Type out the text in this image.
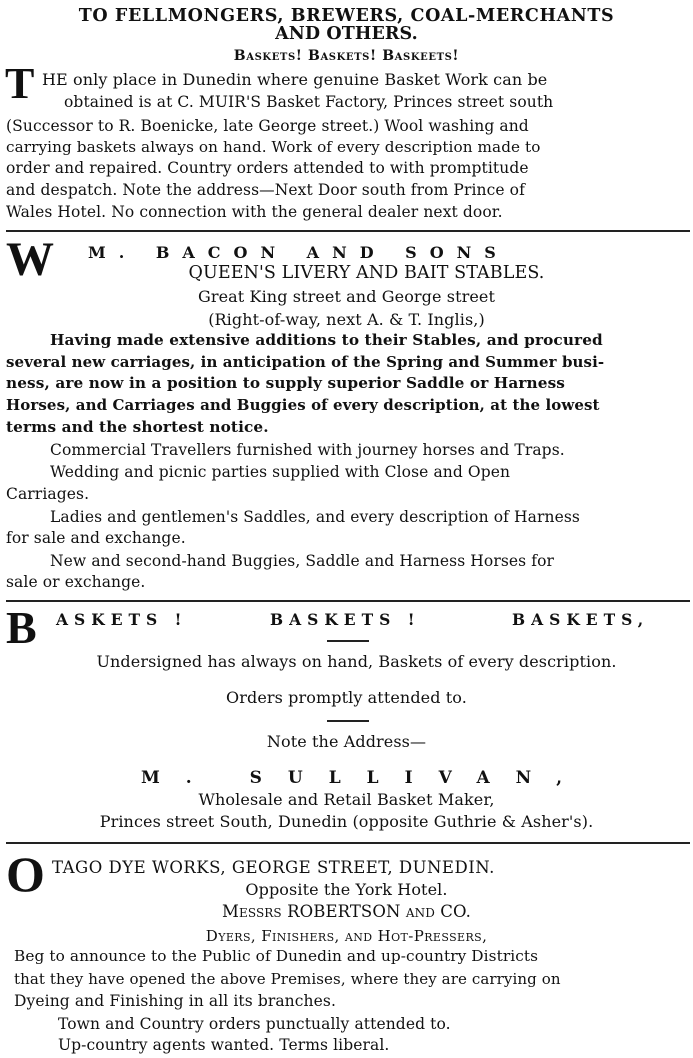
TO FELLMONGERS, BREWERS, COAL-MERCHANTS
AND OTHERS.
Baskets! Baskets! Baskeets!
T HE only place in Dunedin where genuine Basket Work can be
obtained is at C. MUIR'S Basket Factory, Princes street south
(Successor to R. Boenicke, late George street.) Wool washing and
carrying baskets always on hand. Work of every description made to
order and repaired. Country orders attended to with promptitude
and despatch. Note the address—Next Door south from Prince of
Wales Hotel. No connection with the general dealer next door.
W M. BACON AND SONS
QUEEN'S LIVERY AND BAIT STABLES.
Great King street and George street
(Right-of-way, next A. & T. Inglis,)
Having made extensive additions to their Stables, and procured
several new carriages, in anticipation of the Spring and Summer busi-
ness, are now in a position to supply superior Saddle or Harness
Horses, and Carriages and Buggies of every description, at the lowest
terms and the shortest notice.
Commercial Travellers furnished with journey horses and Traps.
Wedding and picnic parties supplied with Close and Open
Carriages.
Ladies and gentlemen's Saddles, and every description of Harness
for sale and exchange.
New and second-hand Buggies, Saddle and Harness Horses for
sale or exchange.
B ASKETS !	BASKETS !	BASKETS,
Undersigned has always on hand, Baskets of every description.
Orders promptly attended to.
Note the Address—
M. SULLIVAN,
Wholesale and Retail Basket Maker,
Princes street South, Dunedin (opposite Guthrie & Asher's).
O TAGO DYE WORKS, GEORGE STREET, DUNEDIN.
Opposite the York Hotel.
Messrs ROBERTSON and CO.
Dyers, Finishers, and Hot-Pressers,
Beg to announce to the Public of Dunedin and up-country Districts
that they have opened the above Premises, where they are carrying on
Dyeing and Finishing in all its branches.
Town and Country orders punctually attended to.
Up-country agents wanted. Terms liberal.
